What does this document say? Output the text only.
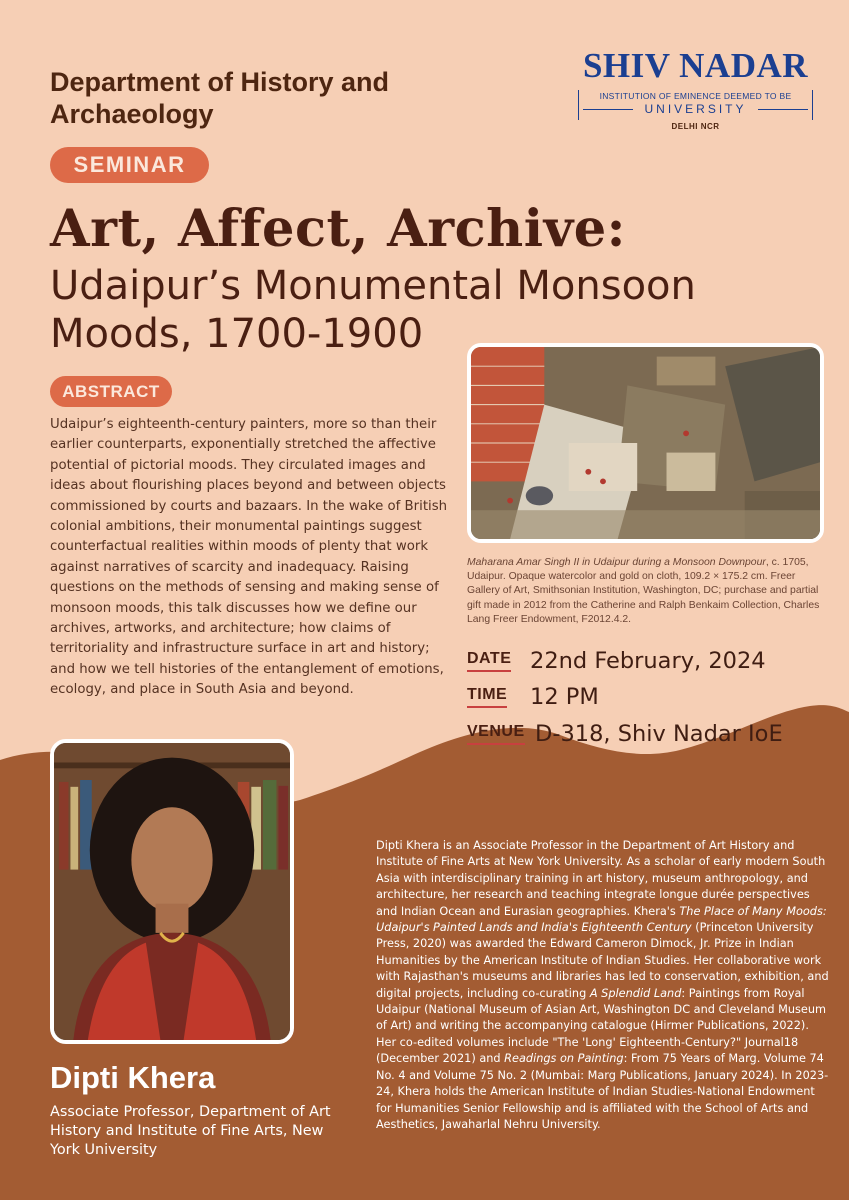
Department of History and Archaeology
SHIV NADAR
INSTITUTION OF EMINENCE DEEMED TO BE
UNIVERSITY
DELHI NCR
SEMINAR
Art, Affect, Archive:
Udaipur’s Monumental Monsoon Moods, 1700-1900
Maharana Amar Singh II in Udaipur during a Monsoon Downpour, c. 1705, Udaipur. Opaque watercolor and gold on cloth, 109.2 × 175.2 cm. Freer Gallery of Art, Smithsonian Institution, Washington, DC; purchase and partial gift made in 2012 from the Catherine and Ralph Benkaim Collection, Charles Lang Freer Endowment, F2012.4.2.
ABSTRACT
Udaipur’s eighteenth-century painters, more so than their earlier counterparts, exponentially stretched the affective potential of pictorial moods. They circulated images and ideas about flourishing places beyond and between objects commissioned by courts and bazaars. In the wake of British colonial ambitions, their monumental paintings suggest counterfactual realities within moods of plenty that work against narratives of scarcity and inadequacy. Raising questions on the methods of sensing and making sense of monsoon moods, this talk discusses how we define our archives, artworks, and architecture; how claims of territoriality and infrastructure surface in art and history; and how we tell histories of the entanglement of emotions, ecology, and place in South Asia and beyond.
DATE 22nd February, 2024
TIME 12 PM
VENUE D-318, Shiv Nadar IoE
Dipti Khera
Associate Professor, Department of Art History and Institute of Fine Arts, New York University
Dipti Khera is an Associate Professor in the Department of Art History and Institute of Fine Arts at New York University. As a scholar of early modern South Asia with interdisciplinary training in art history, museum anthropology, and architecture, her research and teaching integrate longue durée perspectives and Indian Ocean and Eurasian geographies. Khera's The Place of Many Moods: Udaipur's Painted Lands and India's Eighteenth Century (Princeton University Press, 2020) was awarded the Edward Cameron Dimock, Jr. Prize in Indian Humanities by the American Institute of Indian Studies. Her collaborative work with Rajasthan's museums and libraries has led to conservation, exhibition, and digital projects, including co-curating A Splendid Land: Paintings from Royal Udaipur (National Museum of Asian Art, Washington DC and Cleveland Museum of Art) and writing the accompanying catalogue (Hirmer Publications, 2022). Her co-edited volumes include "The 'Long' Eighteenth-Century?" Journal18 (December 2021) and Readings on Painting: From 75 Years of Marg. Volume 74 No. 4 and Volume 75 No. 2 (Mumbai: Marg Publications, January 2024). In 2023-24, Khera holds the American Institute of Indian Studies-National Endowment for Humanities Senior Fellowship and is affiliated with the School of Arts and Aesthetics, Jawaharlal Nehru University.
